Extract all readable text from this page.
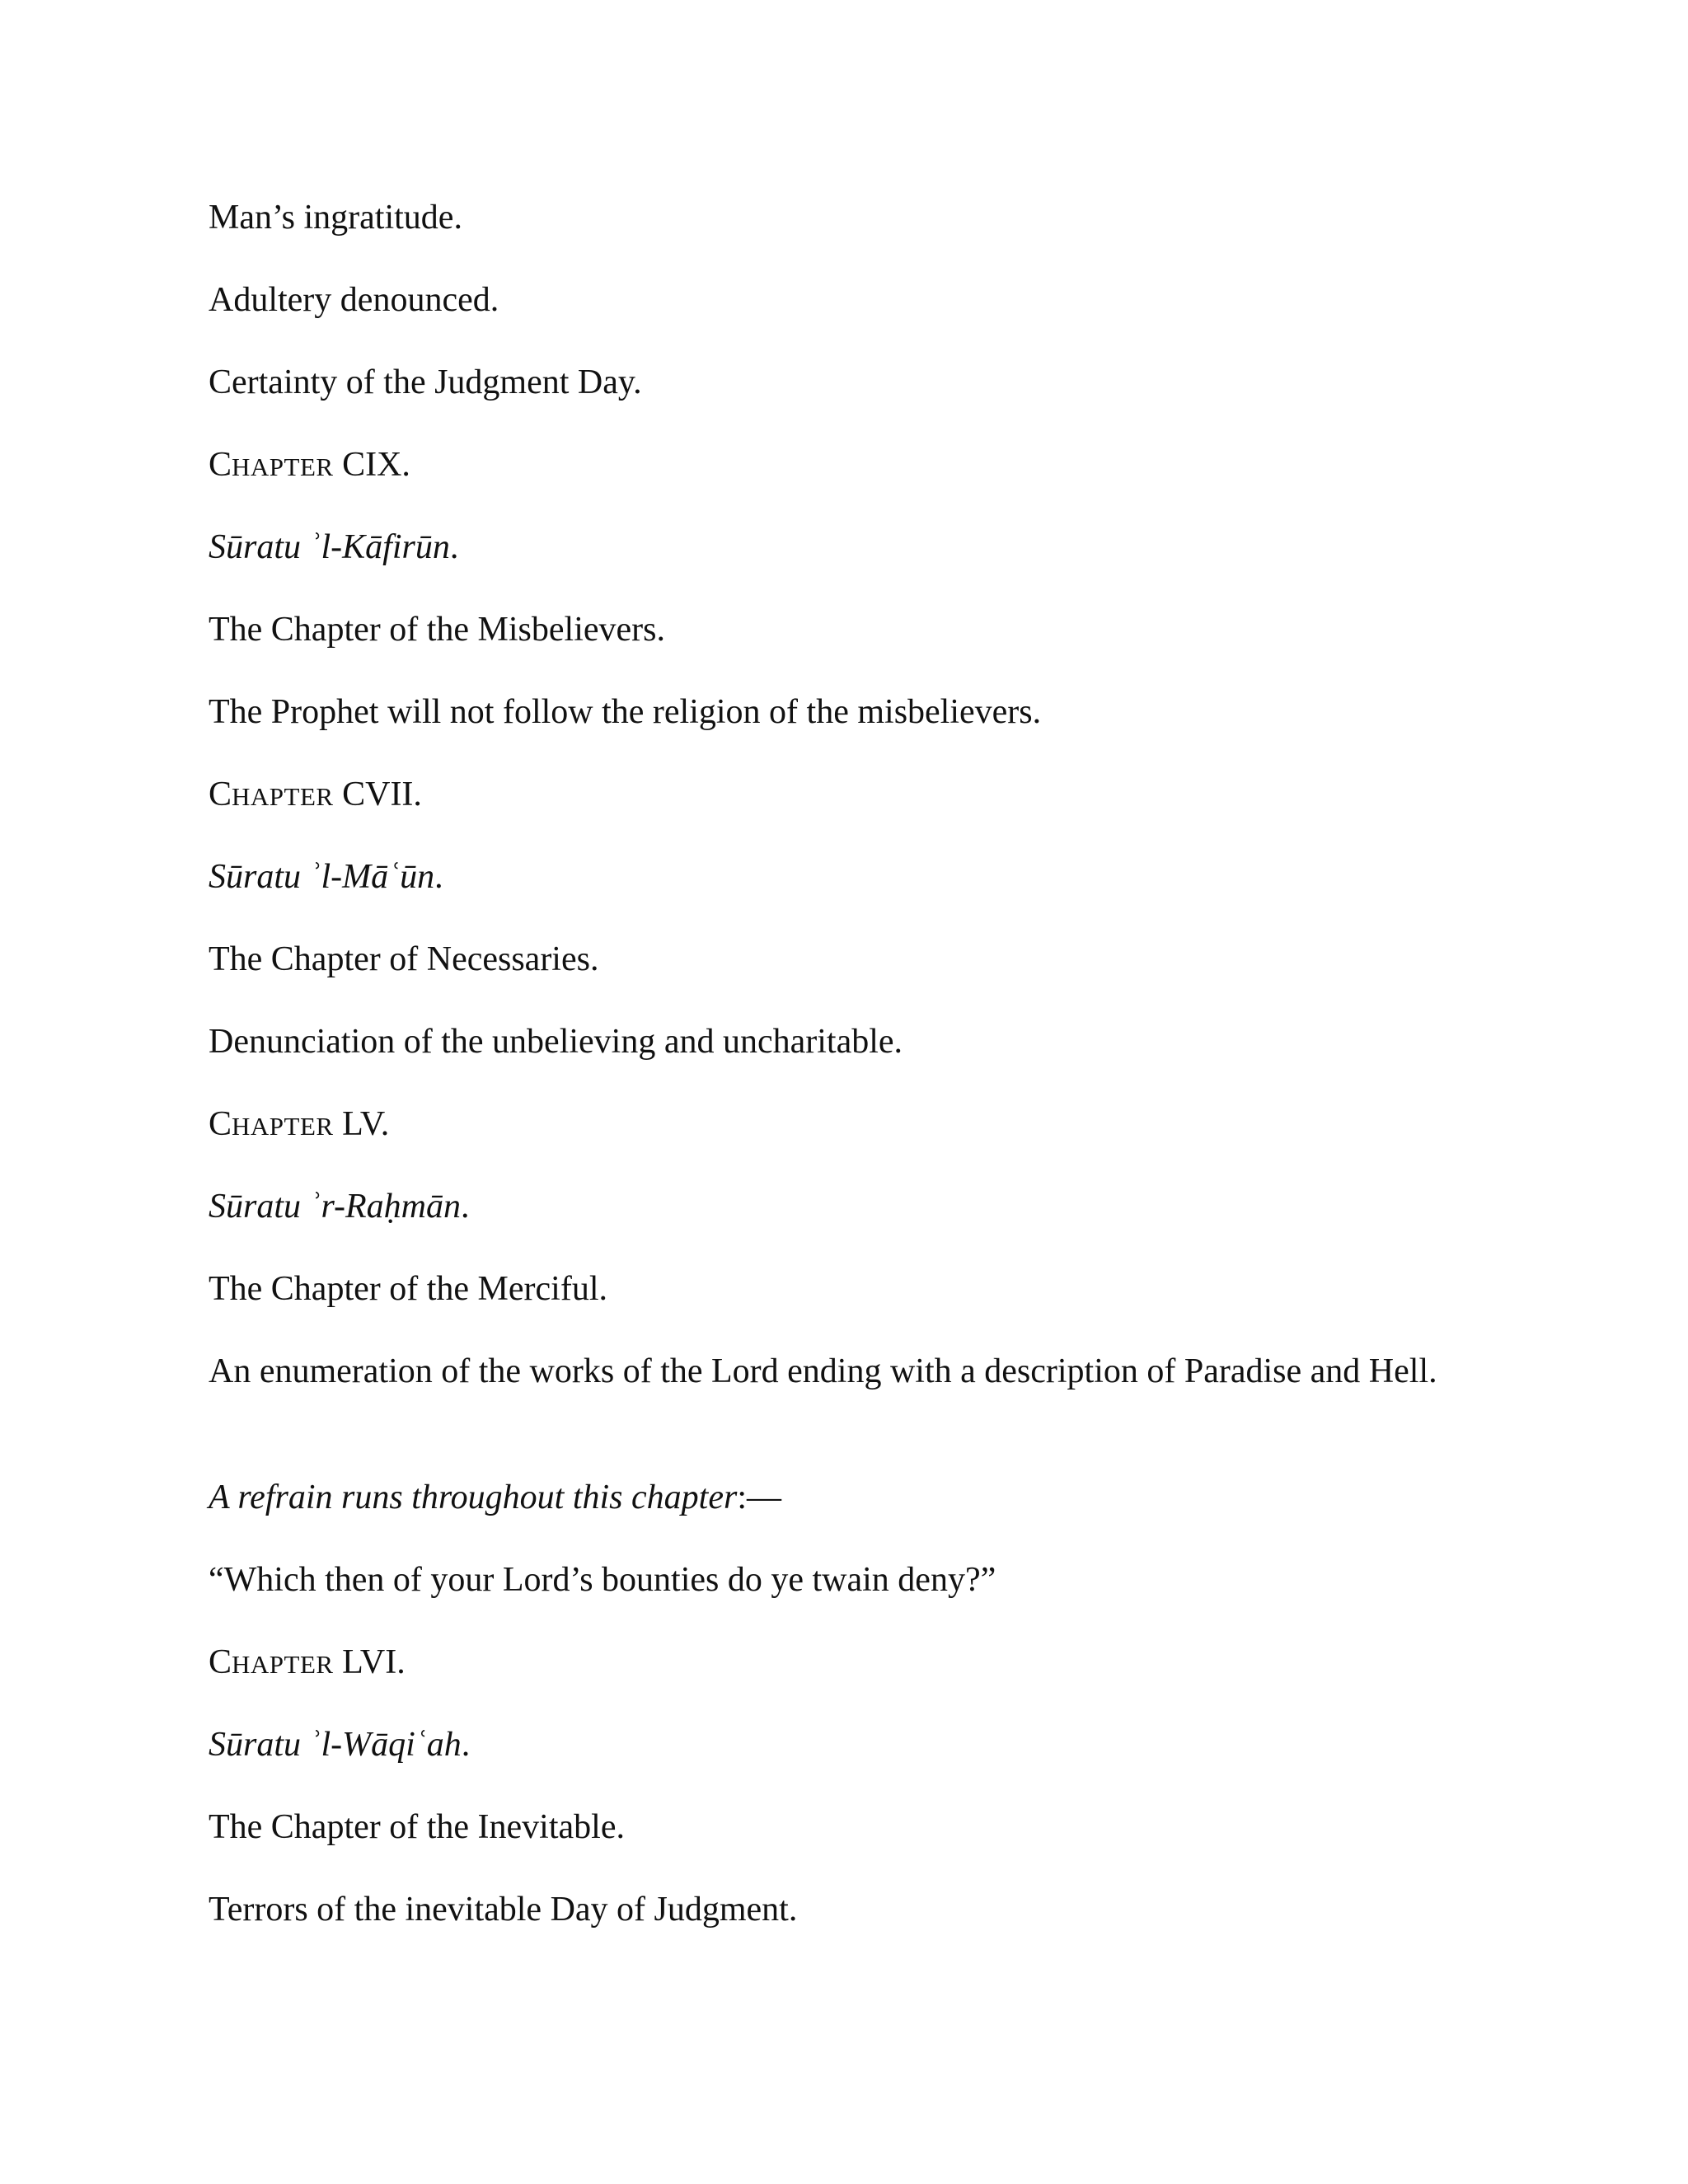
Man’s ingratitude.

Adultery denounced.

Certainty of the Judgment Day.

CHAPTER CIX.

Sūratu ʾl-Kāfirūn.

The Chapter of the Misbelievers.

The Prophet will not follow the religion of the misbelievers.

CHAPTER CVII.

Sūratu ʾl-Māʿūn.

The Chapter of Necessaries.

Denunciation of the unbelieving and uncharitable.

CHAPTER LV.

Sūratu ʾr-Raḥmān.

The Chapter of the Merciful.

An enumeration of the works of the Lord ending with a description of Paradise and Hell.

A refrain runs throughout this chapter:—

“Which then of your Lord’s bounties do ye twain deny?”

CHAPTER LVI.

Sūratu ʾl-Wāqiʿah.

The Chapter of the Inevitable.

Terrors of the inevitable Day of Judgment.
